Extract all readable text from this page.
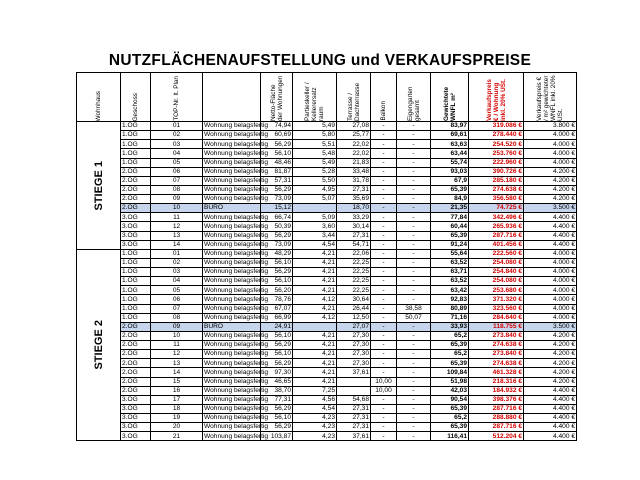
NUTZFLÄCHENAUFSTELLUNG und VERKAUFSPREISE
Wohnhaus	Geschoss	TOP-Nr. lt. Plan		Netto-Fläche der Wohnungen	Partieskeller / Kellerersatz raum	Terrasse / Dachterrasse	Balkon	Eigengarten gesamt	Gewichtete WNFL m²	Verkaufspreis € / Wohnung inkl. 20% USt.	Verkaufspreis € / m² gewichteter WNFL inkl. 20% USt.

STIEGE 1	1.OG	01	Wohnung belagsfertig	74,94	5,49	27,08	-	-	83,97	319.086 €	3.800 €
	1.OG	02	Wohnung belagsfertig	60,69	5,80	25,77	-	-	69,61	278.440 €	4.000 €
	1.OG	03	Wohnung belagsfertig	56,29	5,51	22,02	-	-	63,63	254.520 €	4.000 €
	1.OG	04	Wohnung belagsfertig	56,10	5,48	22,02	-	-	63,44	253.760 €	4.000 €
	1.OG	05	Wohnung belagsfertig	48,46	5,49	21,83	-	-	55,74	222.960 €	4.000 €
	2.OG	06	Wohnung belagsfertig	81,87	5,28	33,48	-	-	93,03	390.726 €	4.200 €
	2.OG	07	Wohnung belagsfertig	57,31	5,50	31,78	-	-	67,9	285.180 €	4.200 €
	2.OG	08	Wohnung belagsfertig	56,29	4,95	27,31	-	-	65,39	274.638 €	4.200 €
	2.OG	09	Wohnung belagsfertig	73,09	5,07	35,69	-	-	84,9	356.580 €	4.200 €
	2.OG	10	BÜRO	15,12		18,70	-	-	21,35	74.725 €	3.500 €
	3.OG	11	Wohnung belagsfertig	66,74	5,09	33,29	-	-	77,84	342.496 €	4.400 €
	3.OG	12	Wohnung belagsfertig	50,39	3,60	30,14	-	-	60,44	265.936 €	4.400 €
	3.OG	13	Wohnung belagsfertig	56,29	3,44	27,31	-	-	65,39	287.716 €	4.400 €
	3.OG	14	Wohnung belagsfertig	73,09	4,54	54,71	-	-	91,24	401.456 €	4.400 €

STIEGE 2	1.OG	01	Wohnung belagsfertig	48,29	4,21	22,06	-	-	55,64	222.560 €	4.000 €
	1.OG	02	Wohnung belagsfertig	56,10	4,21	22,25	-	-	63,52	254.080 €	4.000 €
	1.OG	03	Wohnung belagsfertig	56,29	4,21	22,25	-	-	63,71	254.840 €	4.000 €
	1.OG	04	Wohnung belagsfertig	56,10	4,21	22,25	-	-	63,52	254.080 €	4.000 €
	1.OG	05	Wohnung belagsfertig	56,20	4,21	22,25	-	-	63,42	253.680 €	4.000 €
	1.OG	06	Wohnung belagsfertig	78,76	4,12	30,64	-	-	92,83	371.320 €	4.000 €
	1.OG	07	Wohnung belagsfertig	67,07	4,21	26,44	-	38,58	80,89	323.560 €	4.000 €
	1.OG	08	Wohnung belagsfertig	66,99	4,12	12,50	-	50,07	71,16	284.640 €	4.000 €
	2.OG	09	BÜRO	24,91		27,07	-	-	33,93	118.755 €	3.500 €
	2.OG	10	Wohnung belagsfertig	56,10	4,21	27,30	-	-	65,2	273.840 €	4.200 €
	2.OG	11	Wohnung belagsfertig	56,29	4,21	27,30	-	-	65,39	274.638 €	4.200 €
	2.OG	12	Wohnung belagsfertig	56,10	4,21	27,30	-	-	65,2	273.840 €	4.200 €
	2.OG	13	Wohnung belagsfertig	56,29	4,21	27,30	-	-	65,39	274.638 €	4.200 €
	2.OG	14	Wohnung belagsfertig	97,30	4,21	37,61	-	-	109,84	461.328 €	4.200 €
	2.OG	15	Wohnung belagsfertig	46,65	4,21		10,00	-	51,98	218.316 €	4.200 €
	2.OG	16	Wohnung belagsfertig	38,70	7,25		10,00	-	42,03	184.932 €	4.400 €
	3.OG	17	Wohnung belagsfertig	77,31	4,56	54,68	-	-	90,54	398.376 €	4.400 €
	3.OG	18	Wohnung belagsfertig	56,29	4,54	27,31	-	-	65,39	287.716 €	4.400 €
	3.OG	19	Wohnung belagsfertig	56,10	4,23	27,31	-	-	65,2	288.880 €	4.400 €
	3.OG	20	Wohnung belagsfertig	56,29	4,23	27,31	-	-	65,39	287.716 €	4.400 €
	3.OG	21	Wohnung belagsfertig	103,87	4,23	37,61	-	-	116,41	512.204 €	4.400 €
